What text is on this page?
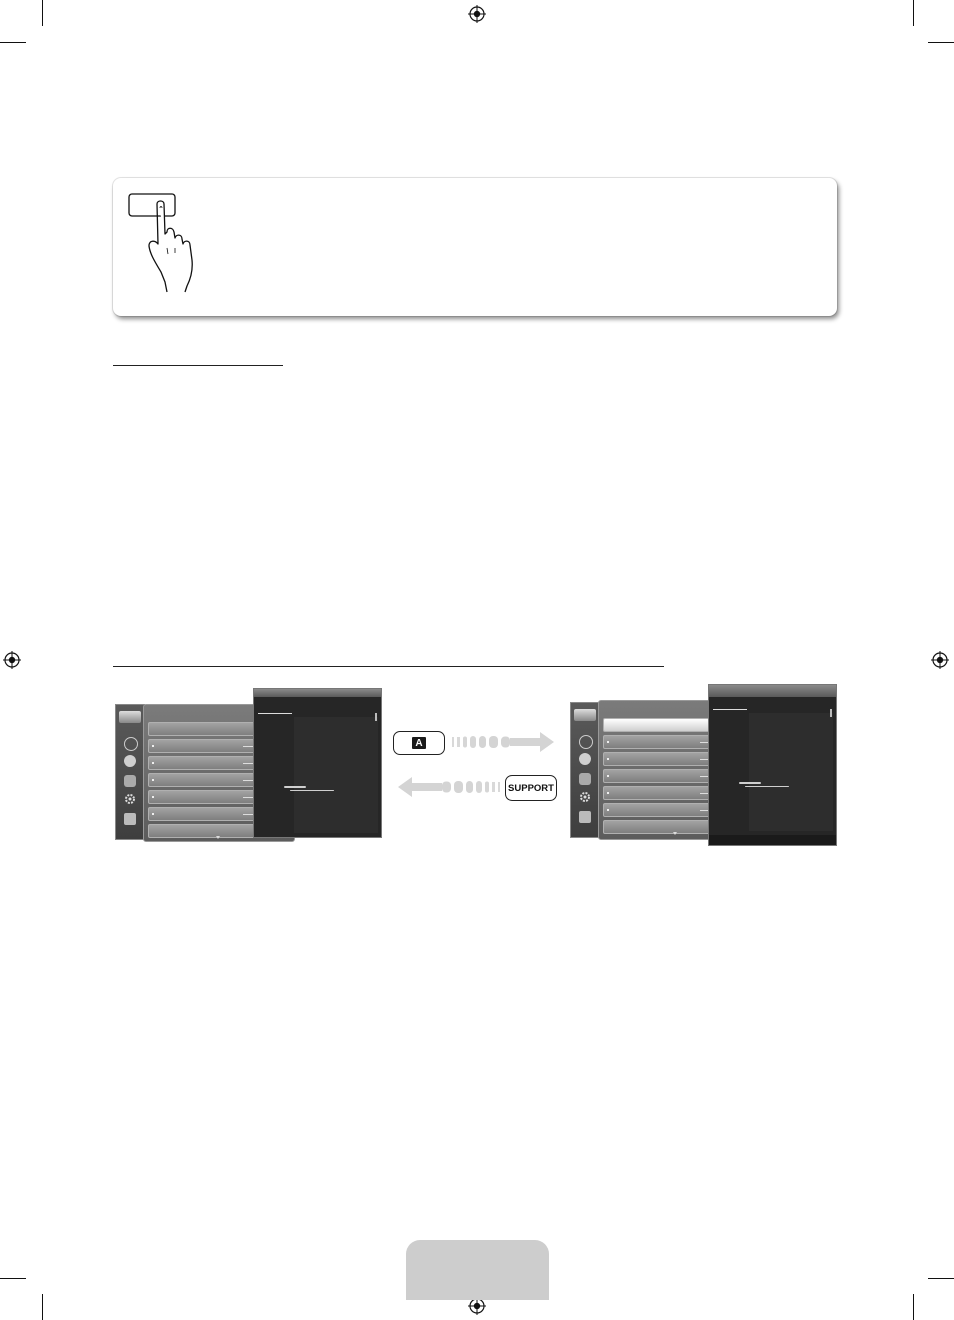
A
SUPPORT
